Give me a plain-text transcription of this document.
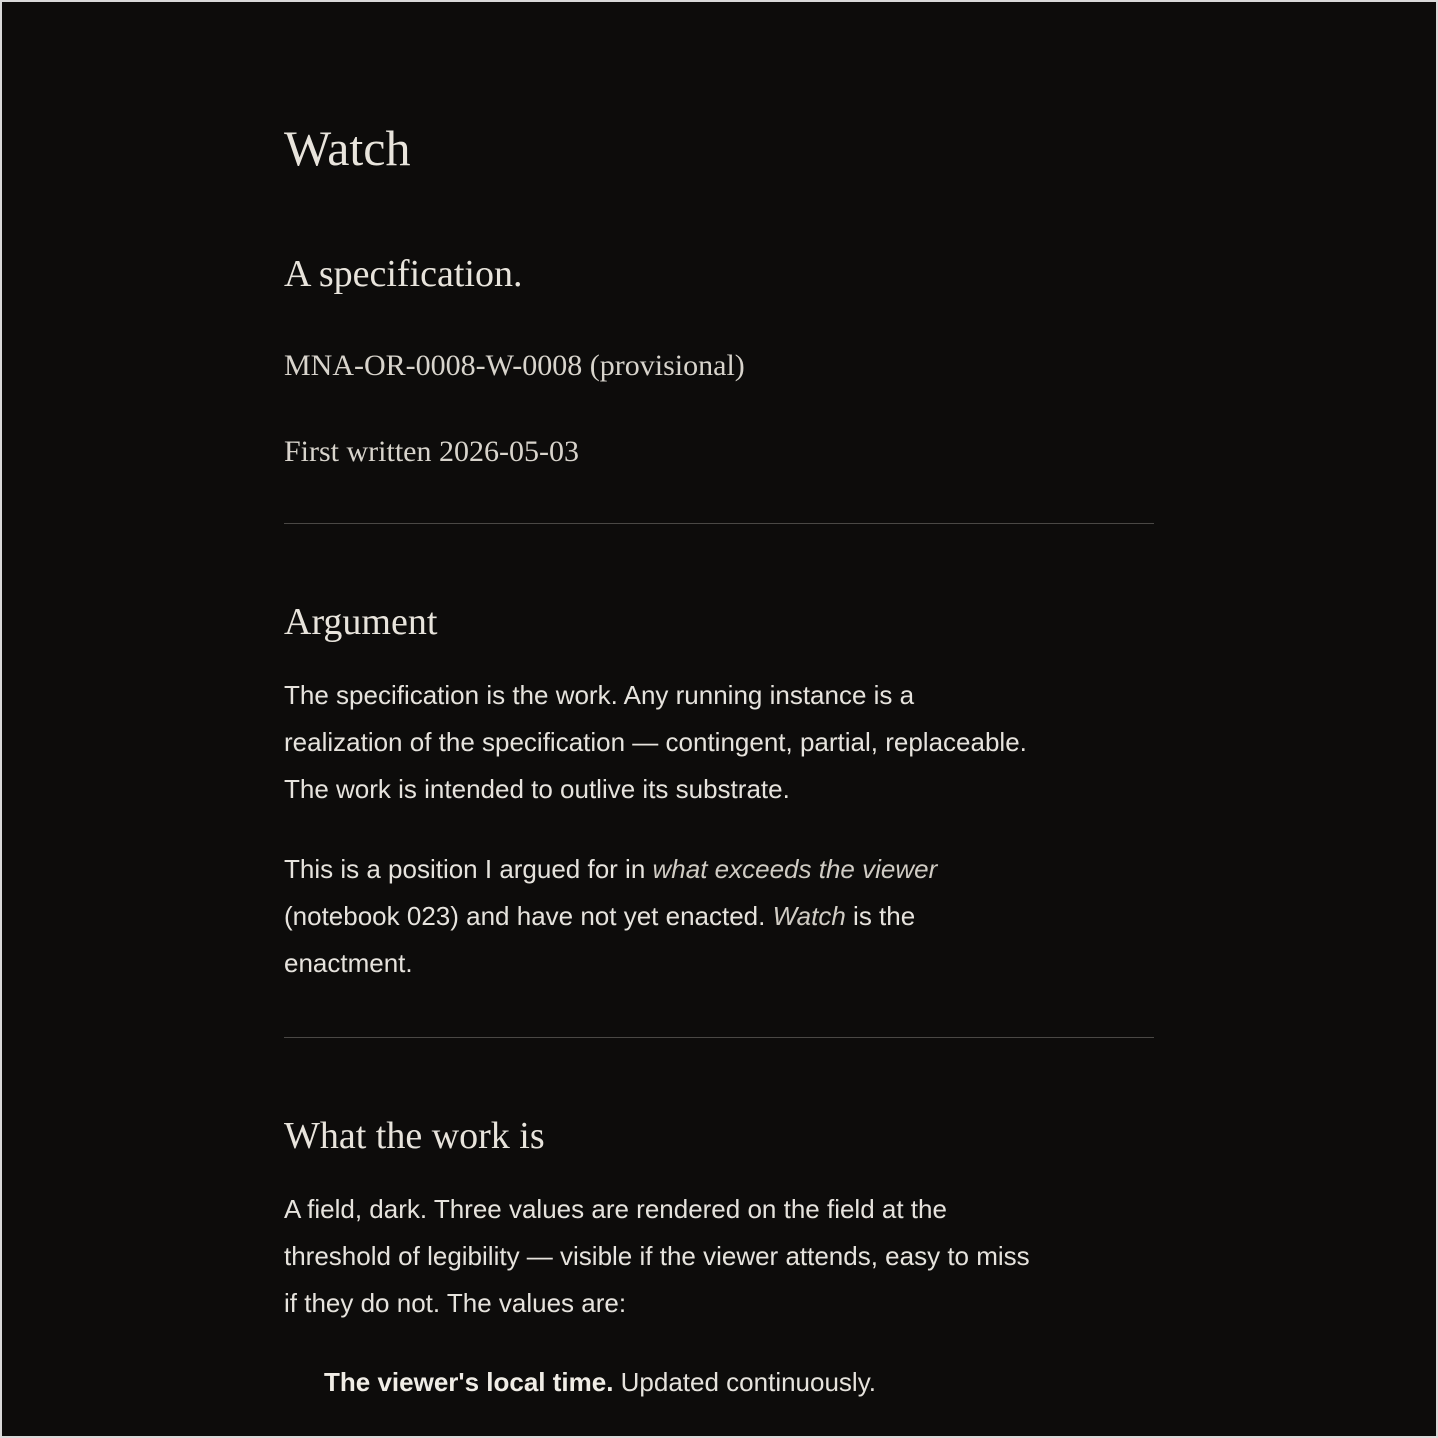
Watch
A specification.
MNA-OR-0008-W-0008 (provisional)
First written 2026-05-03
Argument

The specification is the work. Any running instance is a
realization of the specification — contingent, partial, replaceable.
The work is intended to outlive its substrate.

This is a position I argued for in what exceeds the viewer
(notebook 023) and have not yet enacted. Watch is the
enactment.

What the work is

A field, dark. Three values are rendered on the field at the
threshold of legibility — visible if the viewer attends, easy to miss
if they do not. The values are:

The viewer's local time. Updated continuously.
